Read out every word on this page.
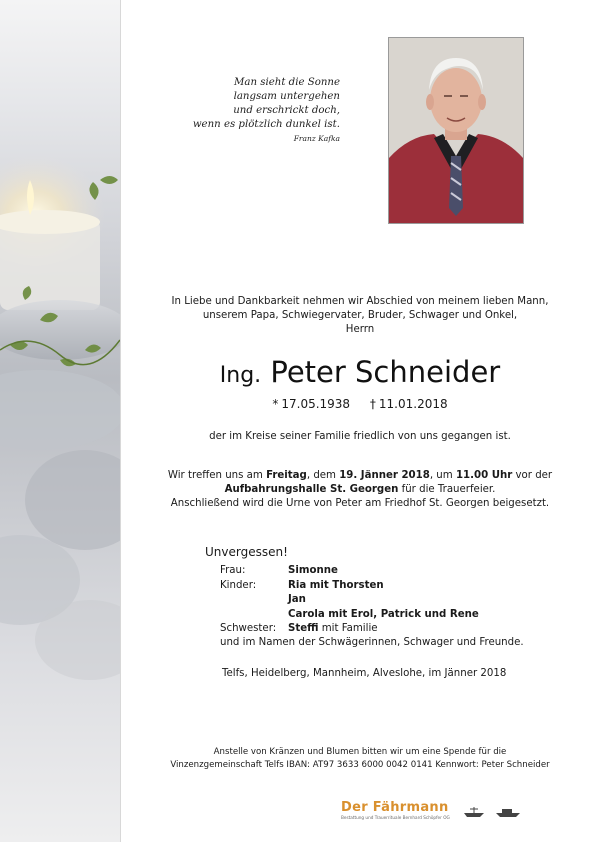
Man sieht die Sonne
langsam untergehen
und erschrickt doch,
wenn es plötzlich dunkel ist.
Franz Kafka
In Liebe und Dankbarkeit nehmen wir Abschied von meinem lieben Mann,
unserem Papa, Schwiegervater, Bruder, Schwager und Onkel,
Herrn
Ing. Peter Schneider
* 17.05.1938 † 11.01.2018
der im Kreise seiner Familie friedlich von uns gegangen ist.
Wir treffen uns am Freitag, dem 19. Jänner 2018, um 11.00 Uhr vor der
Aufbahrungshalle St. Georgen für die Trauerfeier.
Anschließend wird die Urne von Peter am Friedhof St. Georgen beigesetzt.
Unvergessen!
Frau:	Simonne
Kinder:	Ria mit Thorsten
	Jan
	Carola mit Erol, Patrick und Rene
Schwester:	Steffi mit Familie
und im Namen der Schwägerinnen, Schwager und Freunde.
Telfs, Heidelberg, Mannheim, Alveslohe, im Jänner 2018
Anstelle von Kränzen und Blumen bitten wir um eine Spende für die
Vinzenzgemeinschaft Telfs IBAN: AT97 3633 6000 0042 0141 Kennwort: Peter Schneider
Der Fährmann
Bestattung und Trauerrituale Bernhard Schöpfer OG
